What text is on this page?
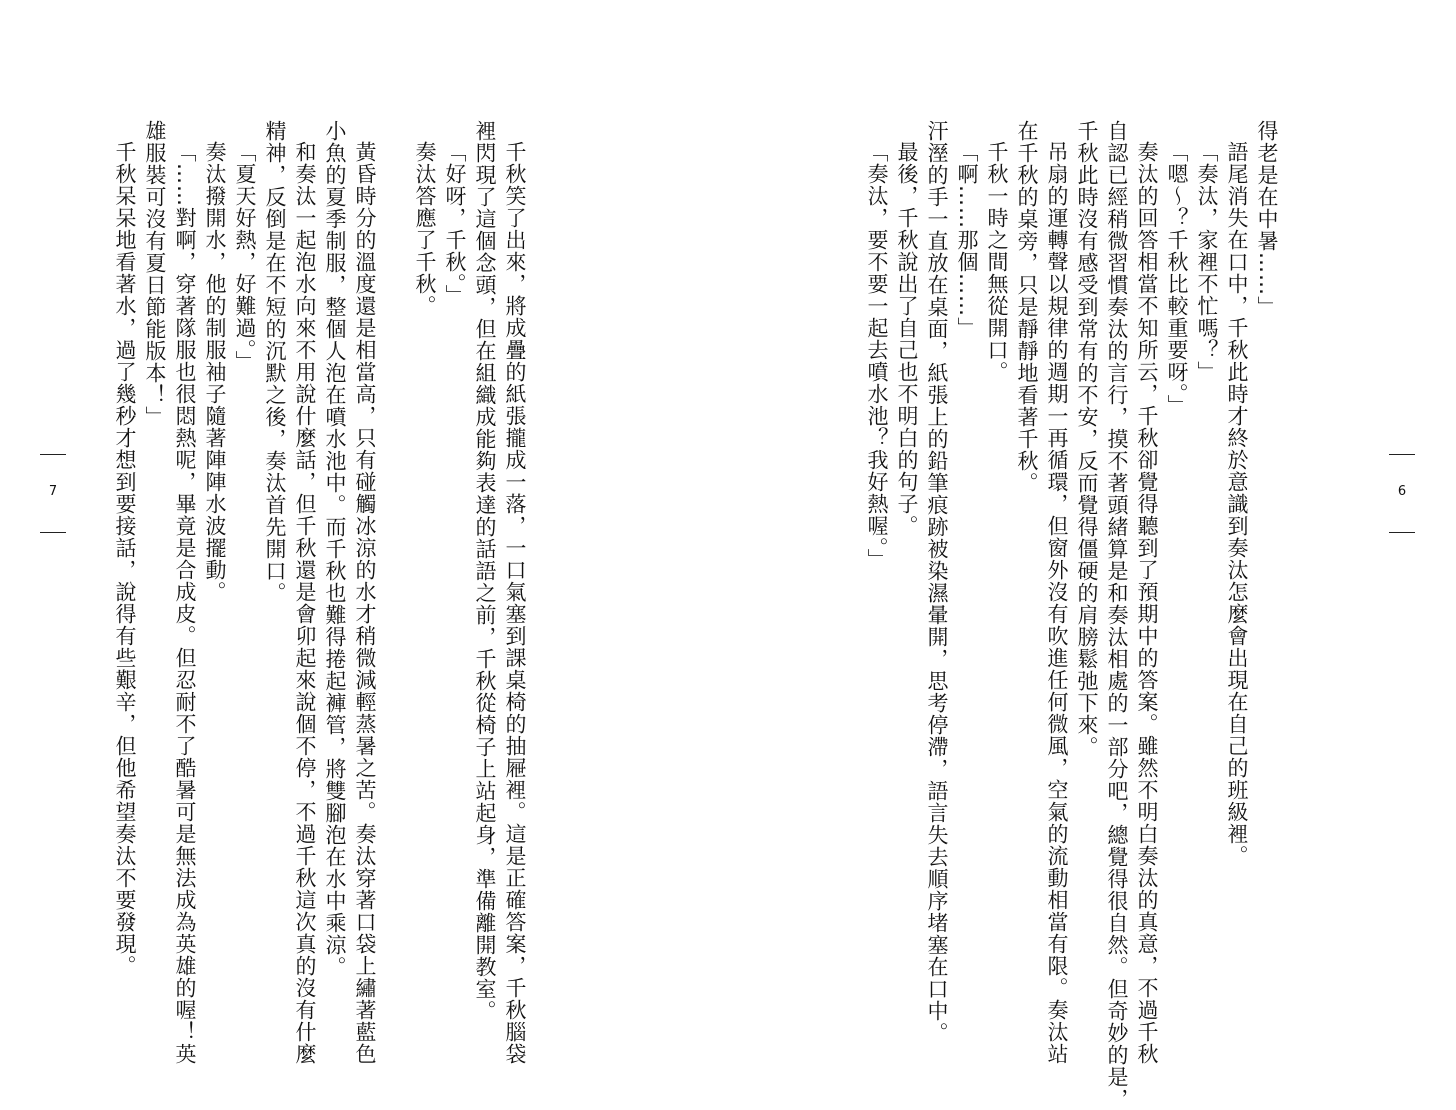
千秋笑了出來，將成疊的紙張攏成一落，一口氣塞到課桌椅的抽屜裡。這是正確答案，千秋腦袋
裡閃現了這個念頭，但在組織成能夠表達的話語之前，千秋從椅子上站起身，準備離開教室。
「好呀，千秋。」
奏汰答應了千秋。
黃昏時分的溫度還是相當高，只有碰觸冰涼的水才稍微減輕蒸暑之苦。奏汰穿著口袋上繡著藍色
小魚的夏季制服，整個人泡在噴水池中。而千秋也難得捲起褲管，將雙腳泡在水中乘涼。
和奏汰一起泡水向來不用說什麼話，但千秋還是會卯起來說個不停，不過千秋這次真的沒有什麼
精神，反倒是在不短的沉默之後，奏汰首先開口。
「夏天好熱，好難過。」
奏汰撥開水，他的制服袖子隨著陣陣水波擺動。
「……對啊，穿著隊服也很悶熱呢，畢竟是合成皮。但忍耐不了酷暑可是無法成為英雄的喔！英
雄服裝可沒有夏日節能版本！」
千秋呆呆地看著水，過了幾秒才想到要接話，說得有些艱辛，但他希望奏汰不要發現。
7	6
得老是在中暑……」
語尾消失在口中，千秋此時才終於意識到奏汰怎麼會出現在自己的班級裡。
「奏汰，家裡不忙嗎？」
「嗯～？千秋比較重要呀。」
奏汰的回答相當不知所云，千秋卻覺得聽到了預期中的答案。雖然不明白奏汰的真意，不過千秋
自認已經稍微習慣奏汰的言行，摸不著頭緒算是和奏汰相處的一部分吧，總覺得很自然。但奇妙的是，
千秋此時沒有感受到常有的不安，反而覺得僵硬的肩膀鬆弛下來。
吊扇的運轉聲以規律的週期一再循環，但窗外沒有吹進任何微風，空氣的流動相當有限。奏汰站
在千秋的桌旁，只是靜靜地看著千秋。
千秋一時之間無從開口。
「啊……那個……」
汗溼的手一直放在桌面，紙張上的鉛筆痕跡被染濕暈開，思考停滯，語言失去順序堵塞在口中。
最後，千秋說出了自己也不明白的句子。
「奏汰，要不要一起去噴水池？我好熱喔。」
